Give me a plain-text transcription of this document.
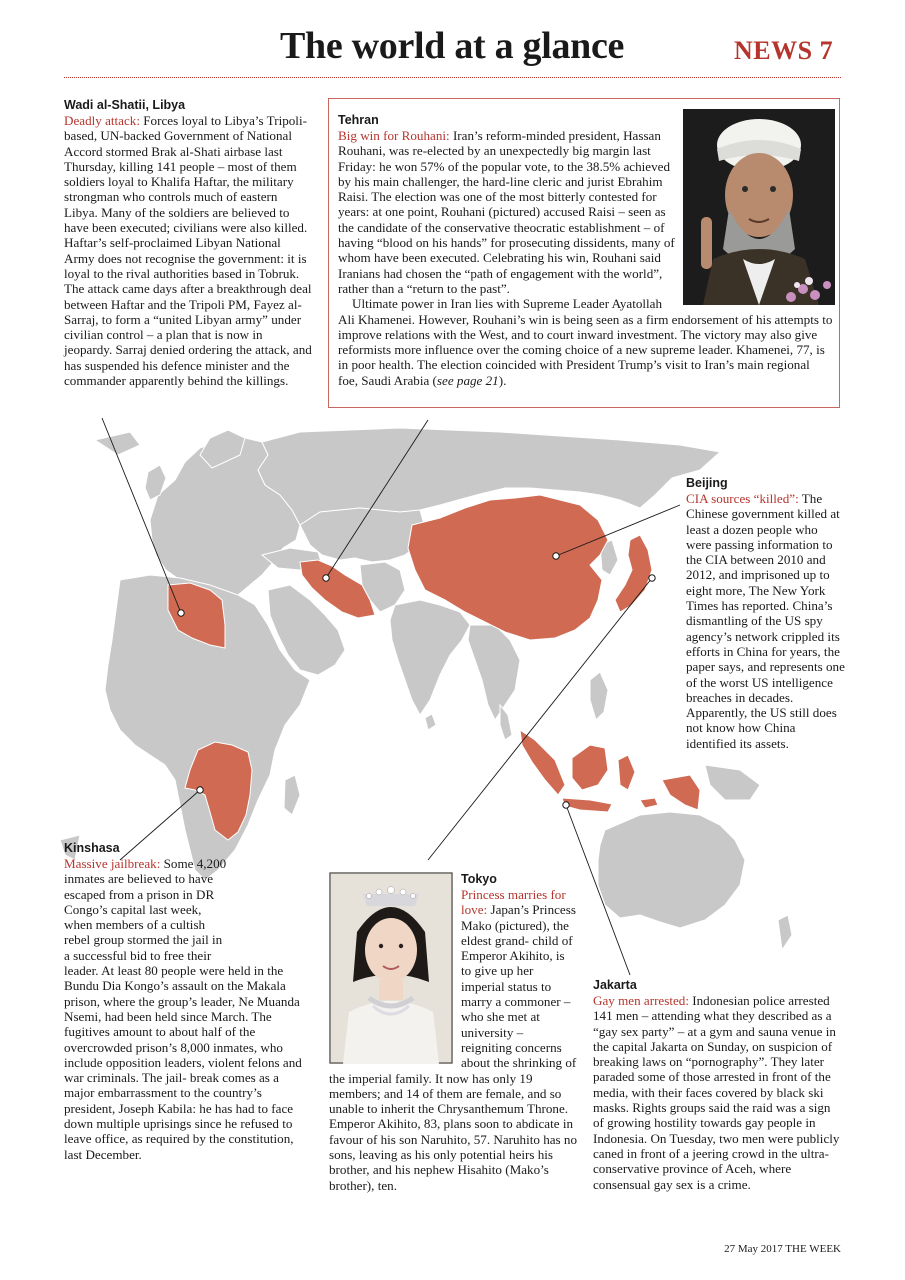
The world at a glance	NEWS 7
Wadi al-Shatii, Libya
Deadly attack: Forces loyal to Libya’s Tripoli-based, UN-backed Government of National Accord stormed Brak al-Shati airbase last Thursday, killing 141 people – most of them soldiers loyal to Khalifa Haftar, the military strongman who controls much of eastern Libya. Many of the soldiers are believed to have been executed; civilians were also killed. Haftar’s self-proclaimed Libyan National Army does not recognise the government: it is loyal to the rival authorities based in Tobruk. The attack came days after a breakthrough deal between Haftar and the Tripoli PM, Fayez al-Sarraj, to form a “united Libyan army” under civilian control – a plan that is now in jeopardy. Sarraj denied ordering the attack, and has suspended his defence minister and the commander apparently behind the killings.
Tehran
Big win for Rouhani: Iran’s reform-minded president, Hassan Rouhani, was re-elected by an unexpectedly big margin last Friday: he won 57% of the popular vote, to the 38.5% achieved by his main challenger, the hard-line cleric and jurist Ebrahim Raisi. The election was one of the most bitterly contested for years: at one point, Rouhani (pictured) accused Raisi – seen as the candidate of the conservative theocratic establishment – of having “blood on his hands” for prosecuting dissidents, many of whom have been executed. Celebrating his win, Rouhani said Iranians had chosen the “path of engagement with the world”, rather than a “return to the past”.
Ultimate power in Iran lies with Supreme Leader Ayatollah Ali Khamenei. However, Rouhani’s win is being seen as a firm endorsement of his attempts to improve relations with the West, and to court inward investment. The victory may also give reformists more influence over the coming choice of a new supreme leader. Khamenei, 77, is in poor health. The election coincided with President Trump’s visit to Iran’s main regional foe, Saudi Arabia (see page 21).
Beijing
CIA sources “killed”: The Chinese government killed at least a dozen people who were passing information to the CIA between 2010 and 2012, and imprisoned up to eight more, The New York Times has reported. China’s dismantling of the US spy agency’s network crippled its efforts in China for years, the paper says, and represents one of the worst US intelligence breaches in decades. Apparently, the US still does not know how China identified its assets.
Kinshasa
Massive jailbreak: Some 4,200 inmates are believed to have escaped from a prison in DR Congo’s capital last week, when members of a cultish rebel group stormed the jail in a successful bid to free their leader. At least 80 people were held in the Bundu Dia Kongo’s assault on the Makala prison, where the group’s leader, Ne Muanda Nsemi, had been held since March. The fugitives amount to about half of the overcrowded prison’s 8,000 inmates, who include opposition leaders, violent felons and war criminals. The jail- break comes as a major embarrassment to the country’s president, Joseph Kabila: he has had to face down multiple uprisings since he refused to leave office, as required by the constitution, last December.
Tokyo
Princess marries for love: Japan’s Princess Mako (pictured), the eldest grand- child of Emperor Akihito, is to give up her imperial status to marry a commoner – who she met at university – reigniting concerns about the shrinking of the imperial family. It now has only 19 members; and 14 of them are female, and so unable to inherit the Chrysanthemum Throne. Emperor Akihito, 83, plans soon to abdicate in favour of his son Naruhito, 57. Naruhito has no sons, leaving as his only potential heirs his brother, and his nephew Hisahito (Mako’s brother), ten.
Jakarta
Gay men arrested: Indonesian police arrested 141 men – attending what they described as a “gay sex party” – at a gym and sauna venue in the capital Jakarta on Sunday, on suspicion of breaking laws on “pornography”. They later paraded some of those arrested in front of the media, with their faces covered by black ski masks. Rights groups said the raid was a sign of growing hostility towards gay people in Indonesia. On Tuesday, two men were publicly caned in front of a jeering crowd in the ultra-conservative province of Aceh, where consensual gay sex is a crime.
27 May 2017 THE WEEK
